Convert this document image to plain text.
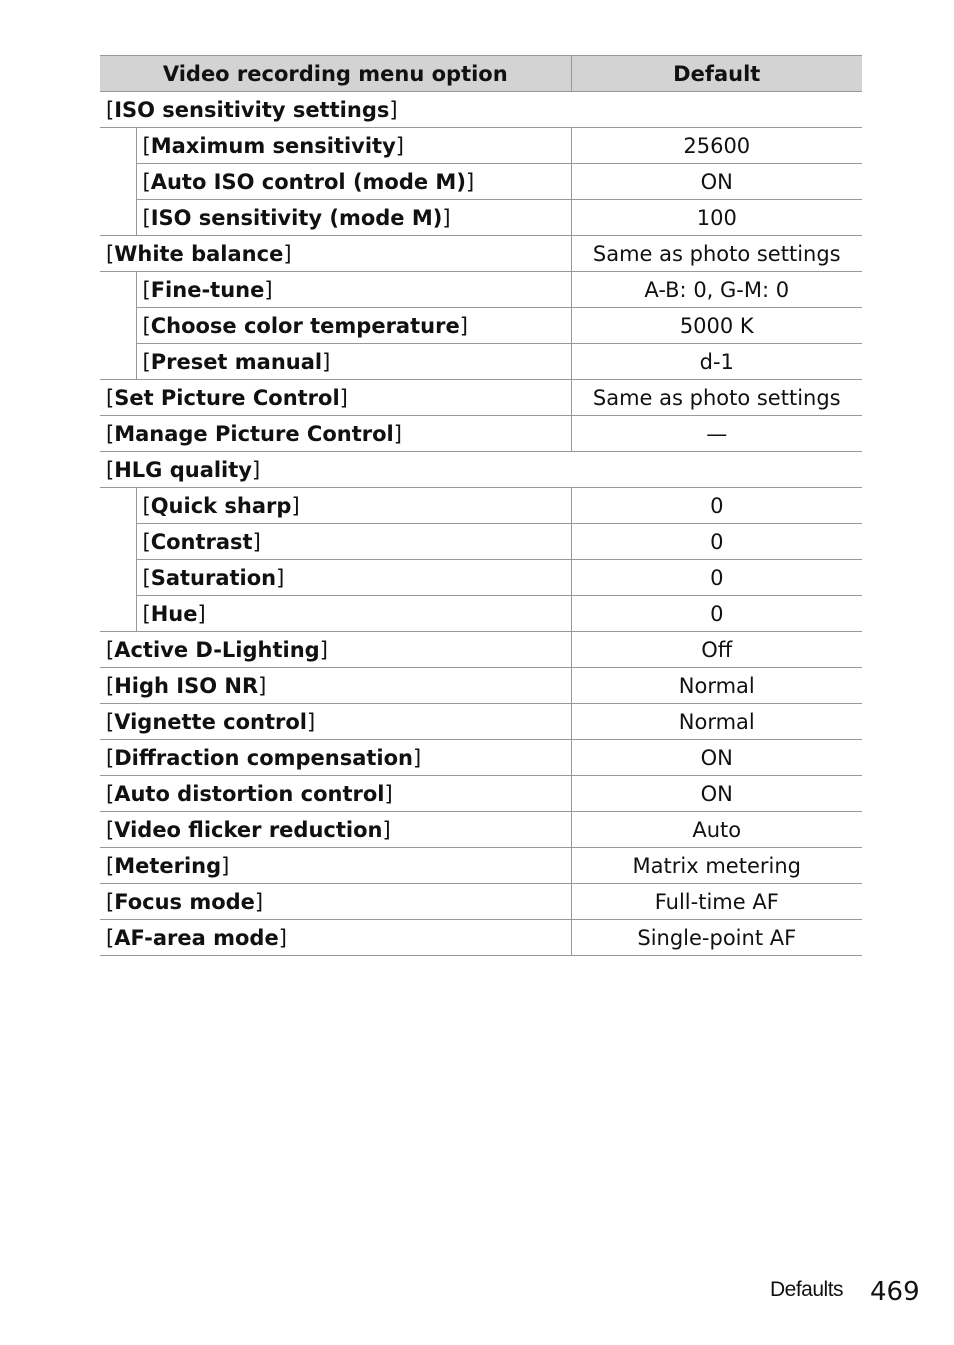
Video recording menu option		Default
[ISO sensitivity settings]		
	[Maximum sensitivity]	25600
	[Auto ISO control (mode M)]	ON
	[ISO sensitivity (mode M)]	100
[White balance]		Same as photo settings
	[Fine-tune]	A-B: 0, G-M: 0
	[Choose color temperature]	5000 K
	[Preset manual]	d-1
[Set Picture Control]		Same as photo settings
[Manage Picture Control]		—
[HLG quality]		
	[Quick sharp]	0
	[Contrast]	0
	[Saturation]	0
	[Hue]	0
[Active D-Lighting]		Off
[High ISO NR]		Normal
[Vignette control]		Normal
[Diffraction compensation]		ON
[Auto distortion control]		ON
[Video flicker reduction]		Auto
[Metering]		Matrix metering
[Focus mode]		Full-time AF
[AF-area mode]		Single-point AF
Defaults 469
